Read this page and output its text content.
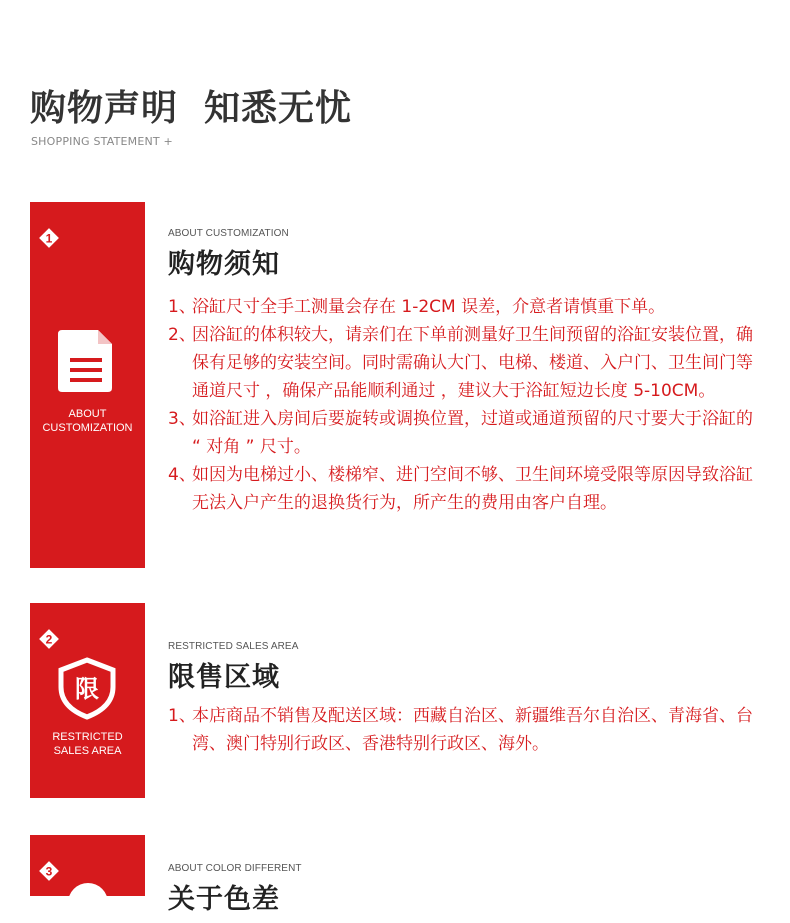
购物声明 知悉无忧
SHOPPING STATEMENT +
1
ABOUT
CUSTOMIZATION
ABOUT CUSTOMIZATION
购物须知
1、
浴缸尺寸全手工测量会存在 1-2CM 误差，介意者请慎重下单。
2、
因浴缸的体积较大，请亲们在下单前测量好卫生间预留的浴缸安装位置，确保有足够的安装空间。同时需确认大门、电梯、楼道、入户门、卫生间门等通道尺寸 ，确保产品能顺利通过 ，建议大于浴缸短边长度 5-10CM。
3、
如浴缸进入房间后要旋转或调换位置，过道或通道预留的尺寸要大于浴缸的 “ 对角 ” 尺寸。
4、
如因为电梯过小、楼梯窄、进门空间不够、卫生间环境受限等原因导致浴缸无法入户产生的退换货行为，所产生的费用由客户自理。
2
限
RESTRICTED
SALES AREA
RESTRICTED SALES AREA
限售区域
1、
本店商品不销售及配送区域：西藏自治区、新疆维吾尔自治区、青海省、台湾、澳门特别行政区、香港特别行政区、海外。
3	ABOUT COLOR DIFFERENT
关于色差
